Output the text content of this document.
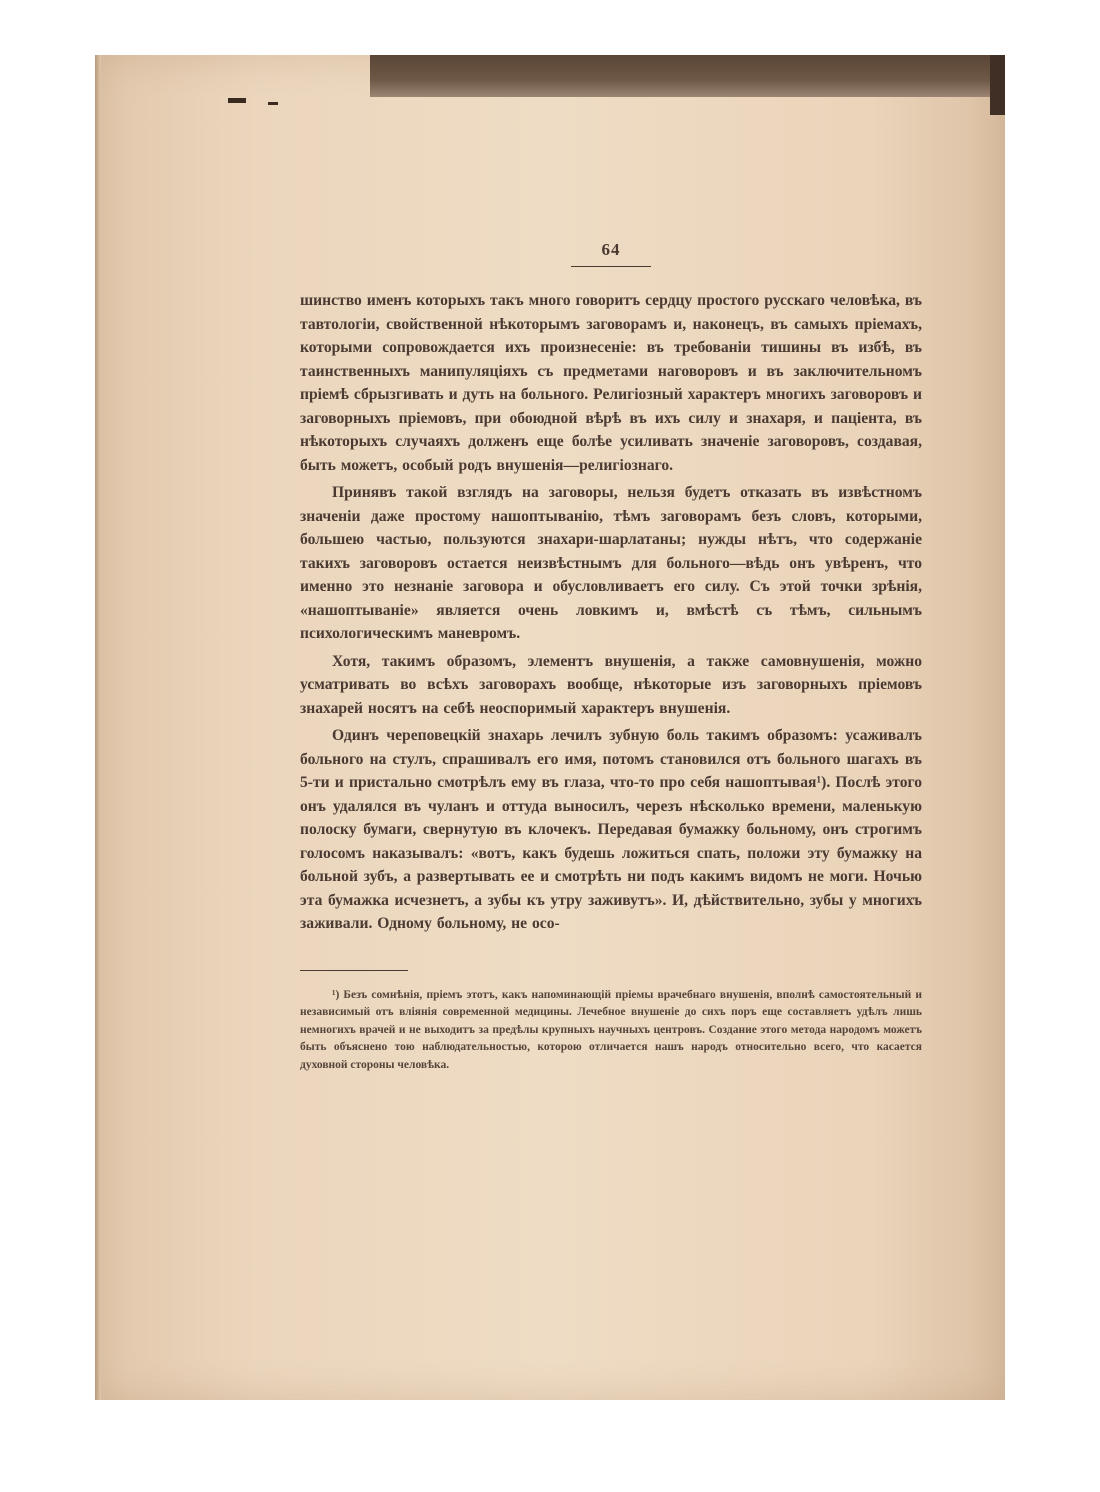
64

шинство именъ которыхъ такъ много говоритъ сердцу простого русскаго человѣка, въ тавтологіи, свойственной нѣкоторымъ заговорамъ и, наконецъ, въ самыхъ пріемахъ, которыми сопровождается ихъ произнесеніе: въ требованіи тишины въ избѣ, въ таинственныхъ манипуляціяхъ съ предметами наговоровъ и въ заключительномъ пріемѣ сбрызгивать и дуть на больного. Религіозный характеръ многихъ заговоровъ и заговорныхъ пріемовъ, при обоюдной вѣрѣ въ ихъ силу и знахаря, и паціента, въ нѣкоторыхъ случаяхъ долженъ еще болѣе усиливать значеніе заговоровъ, создавая, быть можетъ, особый родъ внушенія—религіознаго.

Принявъ такой взглядъ на заговоры, нельзя будетъ отказать въ извѣстномъ значеніи даже простому нашоптыванію, тѣмъ заговорамъ безъ словъ, которыми, большею частью, пользуются знахари-шарлатаны; нужды нѣтъ, что содержаніе такихъ заговоровъ остается неизвѣстнымъ для больного—вѣдь онъ увѣренъ, что именно это незнаніе заговора и обусловливаетъ его силу. Съ этой точки зрѣнія, «нашоптываніе» является очень ловкимъ и, вмѣстѣ съ тѣмъ, сильнымъ психологическимъ маневромъ.

Хотя, такимъ образомъ, элементъ внушенія, а также самовнушенія, можно усматривать во всѣхъ заговорахъ вообще, нѣкоторые изъ заговорныхъ пріемовъ знахарей носятъ на себѣ неоспоримый характеръ внушенія.

Одинъ череповецкій знахарь лечилъ зубную боль такимъ образомъ: усаживалъ больного на стулъ, спрашивалъ его имя, потомъ становился отъ больного шагахъ въ 5-ти и пристально смотрѣлъ ему въ глаза, что-то про себя нашоптывая¹). Послѣ этого онъ удалялся въ чуланъ и оттуда выносилъ, черезъ нѣсколько времени, маленькую полоску бумаги, свернутую въ клочекъ. Передавая бумажку больному, онъ строгимъ голосомъ наказывалъ: «вотъ, какъ будешь ложиться спать, положи эту бумажку на больной зубъ, а развертывать ее и смотрѣть ни подъ какимъ видомъ не моги. Ночью эта бумажка исчезнетъ, а зубы къ утру заживутъ». И, дѣйствительно, зубы у многихъ заживали. Одному больному, не осо-

¹) Безъ сомнѣнія, пріемъ этотъ, какъ напоминающій пріемы врачебнаго внушенія, вполнѣ самостоятельный и независимый отъ вліянія современной медицины. Лечебное внушеніе до сихъ поръ еще составляетъ удѣлъ лишь немногихъ врачей и не выходитъ за предѣлы крупныхъ научныхъ центровъ. Создание этого метода народомъ можетъ быть объяснено тою наблюдательностью, которою отличается нашъ народъ относительно всего, что касается духовной стороны человѣка.
